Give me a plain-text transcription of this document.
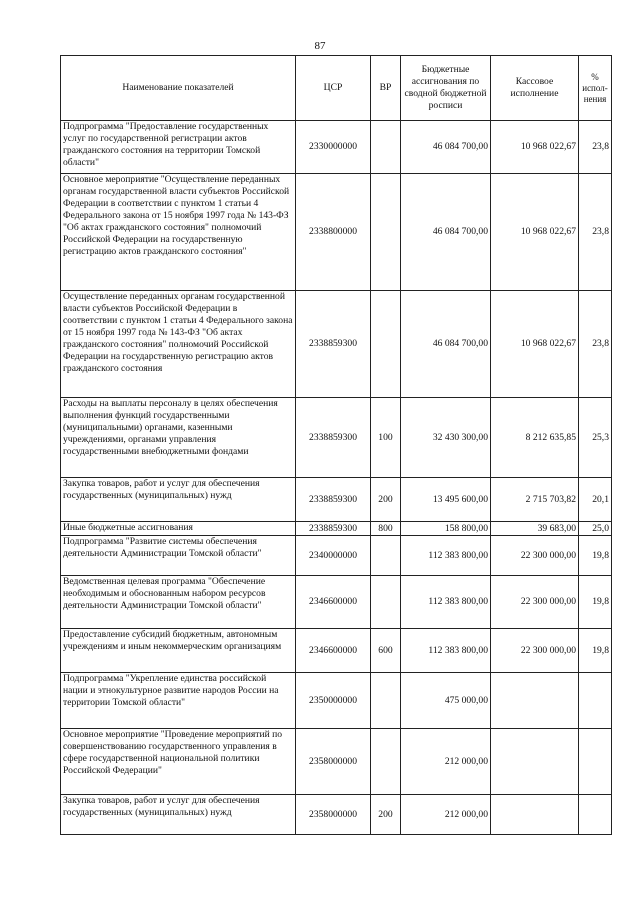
87
Наименование показателей	ЦСР	ВР	Бюджетные ассигнования по сводной бюджетной росписи	Кассовое исполнение	% испол- нения
Подпрограмма "Предоставление государственных услуг по государственной регистрации актов гражданского состояния на территории Томской области"	2330000000		46 084 700,00	10 968 022,67	23,8
Основное мероприятие "Осуществление переданных органам государственной власти субъектов Российской Федерации в соответствии с пунктом 1 статьи 4 Федерального закона от 15 ноября 1997 года № 143-ФЗ "Об актах гражданского состояния" полномочий Российской Федерации на государственную регистрацию актов гражданского состояния"	2338800000		46 084 700,00	10 968 022,67	23,8
Осуществление переданных органам государственной власти субъектов Российской Федерации в соответствии с пунктом 1 статьи 4 Федерального закона от 15 ноября 1997 года № 143-ФЗ "Об актах гражданского состояния" полномочий Российской Федерации на государственную регистрацию актов гражданского состояния	2338859300		46 084 700,00	10 968 022,67	23,8
Расходы на выплаты персоналу в целях обеспечения выполнения функций государственными (муниципальными) органами, казенными учреждениями, органами управления государственными внебюджетными фондами	2338859300	100	32 430 300,00	8 212 635,85	25,3
Закупка товаров, работ и услуг для обеспечения государственных (муниципальных) нужд	2338859300	200	13 495 600,00	2 715 703,82	20,1
Иные бюджетные ассигнования	2338859300	800	158 800,00	39 683,00	25,0
Подпрограмма "Развитие системы обеспечения деятельности Администрации Томской области"	2340000000		112 383 800,00	22 300 000,00	19,8
Ведомственная целевая программа "Обеспечение необходимым и обоснованным набором ресурсов деятельности Администрации Томской области"	2346600000		112 383 800,00	22 300 000,00	19,8
Предоставление субсидий бюджетным, автономным учреждениям и иным некоммерческим организациям	2346600000	600	112 383 800,00	22 300 000,00	19,8
Подпрограмма "Укрепление единства российской нации и этнокультурное развитие народов России на территории Томской области"	2350000000		475 000,00		
Основное мероприятие "Проведение мероприятий по совершенствованию государственного управления в сфере государственной национальной политики Российской Федерации"	2358000000		212 000,00		
Закупка товаров, работ и услуг для обеспечения государственных (муниципальных) нужд	2358000000	200	212 000,00		
